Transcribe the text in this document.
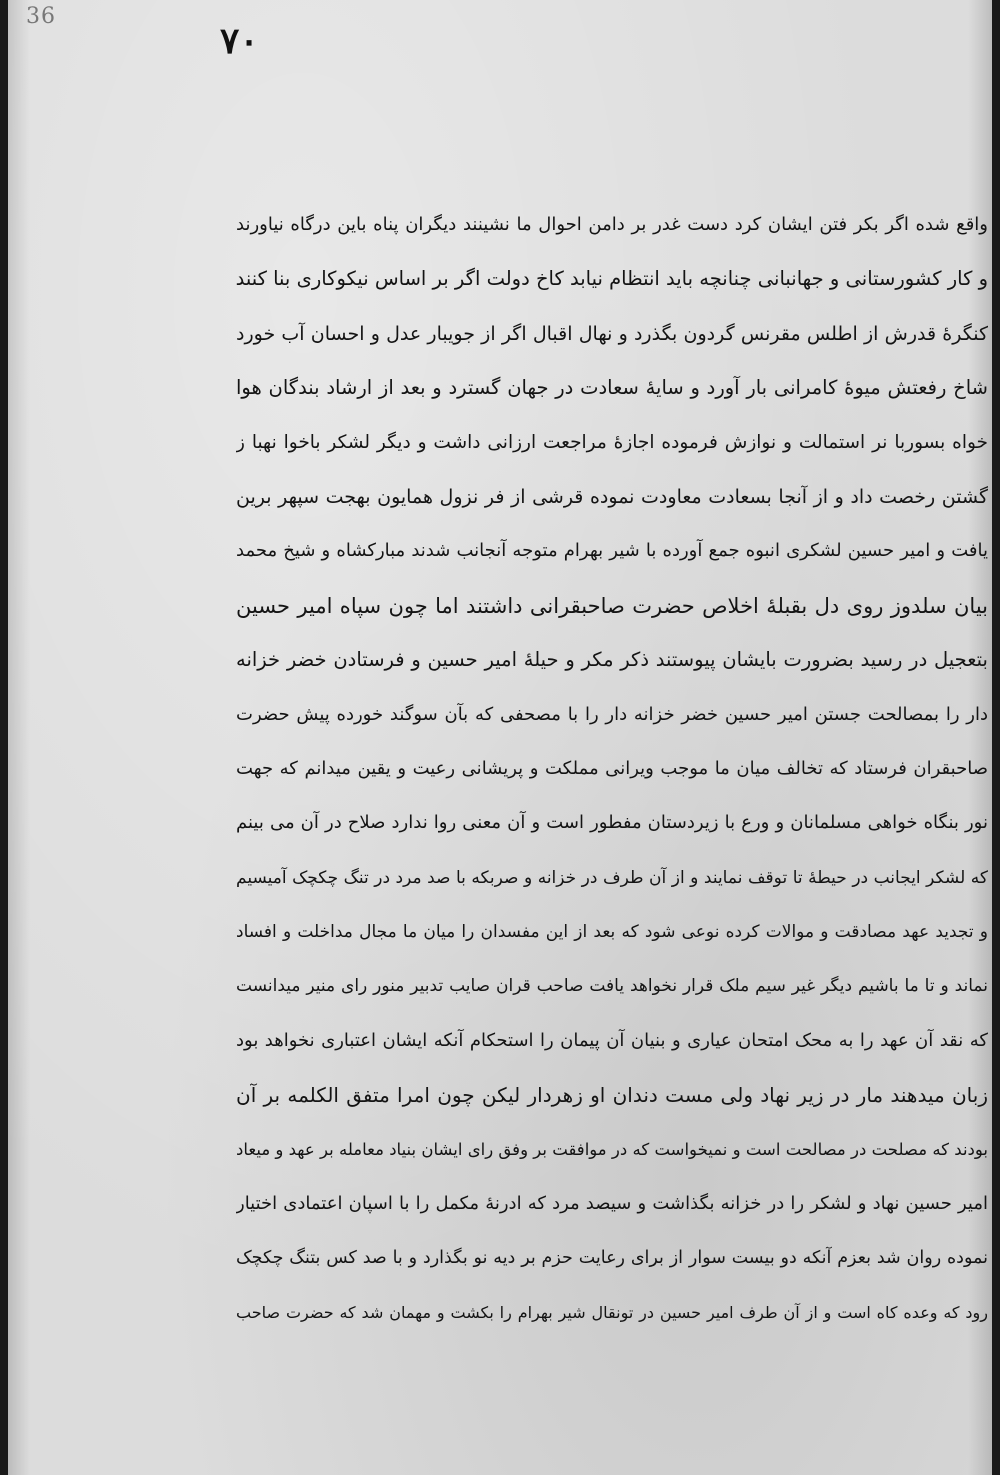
36
٧٠
واقع شده اگر بکر فتن ایشان کرد دست غدر بر دامن احوال ما نشینند دیگران پناه باین درگاه نیاورند
و کار کشورستانی و جهانبانی چنانچه باید انتظام نیابد کاخ دولت اگر بر اساس نیکوکاری بنا کنند
کنگرهٔ قدرش از اطلس مقرنس گردون بگذرد و نهال اقبال اگر از جویبار عدل و احسان آب خورد
شاخ رفعتش میوهٔ کامرانی بار آورد و سایهٔ سعادت در جهان گسترد و بعد از ارشاد بندگان هوا
خواه بسوربا نر استمالت و نوازش فرموده اجازهٔ مراجعت ارزانی داشت و دیگر لشکر باخوا نهبا ز
گشتن رخصت داد و از آنجا بسعادت معاودت نموده قرشی از فر نزول همایون بهجت سپهر برین
یافت و امیر حسین لشکری انبوه جمع آورده با شیر بهرام متوجه آنجانب شدند مبارکشاه و شیخ محمد
بیان سلدوز روی دل بقبلهٔ اخلاص حضرت صاحبقرانی داشتند اما چون سپاه امیر حسین
بتعجیل در رسید بضرورت بایشان پیوستند ذکر مکر و حیلهٔ امیر حسین و فرستادن خضر خزانه
دار را بمصالحت جستن امیر حسین خضر خزانه دار را با مصحفی که بآن سوگند خورده پیش حضرت
صاحبقران فرستاد که تخالف میان ما موجب ویرانی مملکت و پریشانی رعیت و یقین میدانم که جهت
نور بنگاه خواهی مسلمانان و ورع با زیردستان مفطور است و آن معنی روا ندارد صلاح در آن می بینم
که لشکر ایجانب در حیطهٔ تا توقف نمایند و از آن طرف در خزانه و صربکه با صد مرد در تنگ چکچک آمیسیم
و تجدید عهد مصادقت و موالات کرده نوعی شود که بعد از این مفسدان را میان ما مجال مداخلت و افساد
نماند و تا ما باشیم دیگر غیر سیم ملک قرار نخواهد یافت صاحب قران صایب تدبیر منور رای منیر میدانست
که نقد آن عهد را به محک امتحان عیاری و بنیان آن پیمان را استحکام آنکه ایشان اعتباری نخواهد بود
زبان میدهند مار در زیر نهاد ولی مست دندان او زهردار لیکن چون امرا متفق الکلمه بر آن
بودند که مصلحت در مصالحت است و نمیخواست که در موافقت بر وفق رای ایشان بنیاد معامله بر عهد و میعاد
امیر حسین نهاد و لشکر را در خزانه بگذاشت و سیصد مرد که ادرنهٔ مکمل را با اسپان اعتمادی اختیار
نموده روان شد بعزم آنکه دو بیست سوار از برای رعایت حزم بر دیه نو بگذارد و با صد کس بتنگ چکچک
رود که وعده کاه است و از آن طرف امیر حسین در تونقال شیر بهرام را بکشت و مهمان شد که حضرت صاحب
